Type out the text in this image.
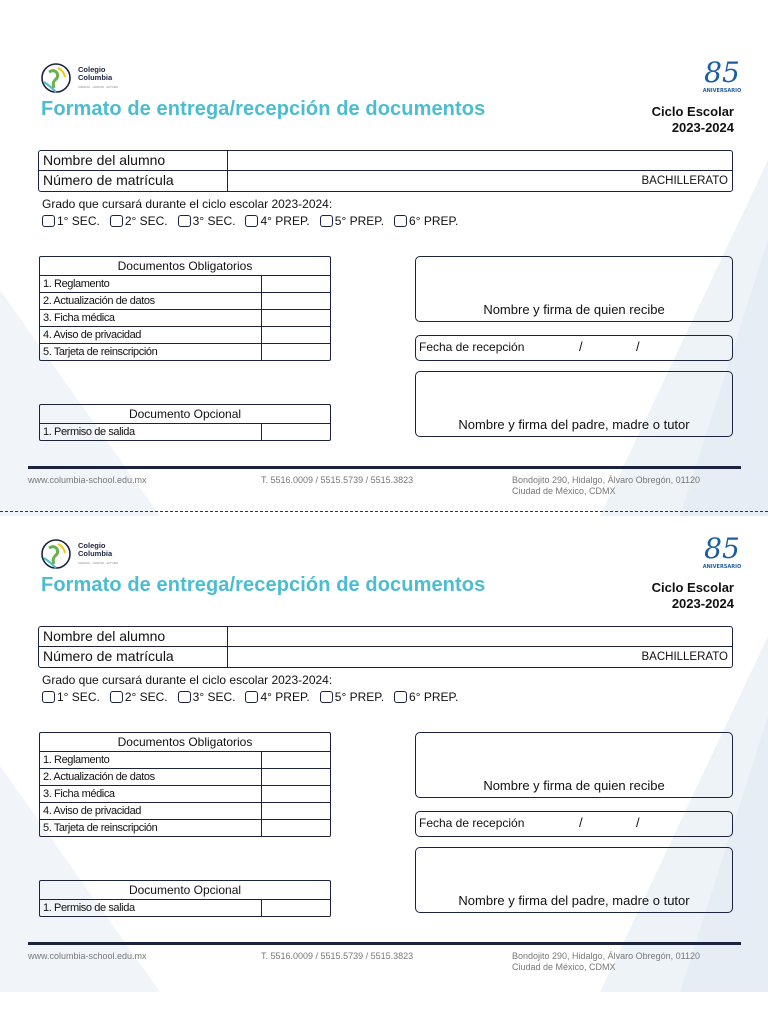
Colegio
Columbia
CIENCIA · HONOR · ALTURA
Formato de entrega/recepción de documentos
85
ANIVERSARIO
Ciclo Escolar
2023-2024
Nombre del alumno
Número de matrícula	BACHILLERATO
Grado que cursará durante el ciclo escolar 2023-2024:
1° SEC. 2° SEC. 3° SEC. 4° PREP. 5° PREP. 6° PREP.
Documentos Obligatorios
1. Reglamento
2. Actualización de datos
3. Ficha médica
4. Aviso de privacidad
5. Tarjeta de reinscripción
Documento Opcional
1. Permiso de salida
Nombre y firma de quien recibe
Fecha de recepción	/	/
Nombre y firma del padre, madre o tutor
www.columbia-school.edu.mx	T. 5516.0009 / 5515.5739 / 5515.3823	Bondojito 290, Hidalgo, Álvaro Obregón, 01120
Ciudad de México, CDMX
Colegio
Columbia
CIENCIA · HONOR · ALTURA
Formato de entrega/recepción de documentos
85
ANIVERSARIO
Ciclo Escolar
2023-2024
Nombre del alumno
Número de matrícula	BACHILLERATO
Grado que cursará durante el ciclo escolar 2023-2024:
1° SEC. 2° SEC. 3° SEC. 4° PREP. 5° PREP. 6° PREP.
Documentos Obligatorios
1. Reglamento
2. Actualización de datos
3. Ficha médica
4. Aviso de privacidad
5. Tarjeta de reinscripción
Documento Opcional
1. Permiso de salida
Nombre y firma de quien recibe
Fecha de recepción	/	/
Nombre y firma del padre, madre o tutor
www.columbia-school.edu.mx	T. 5516.0009 / 5515.5739 / 5515.3823	Bondojito 290, Hidalgo, Álvaro Obregón, 01120
Ciudad de México, CDMX
